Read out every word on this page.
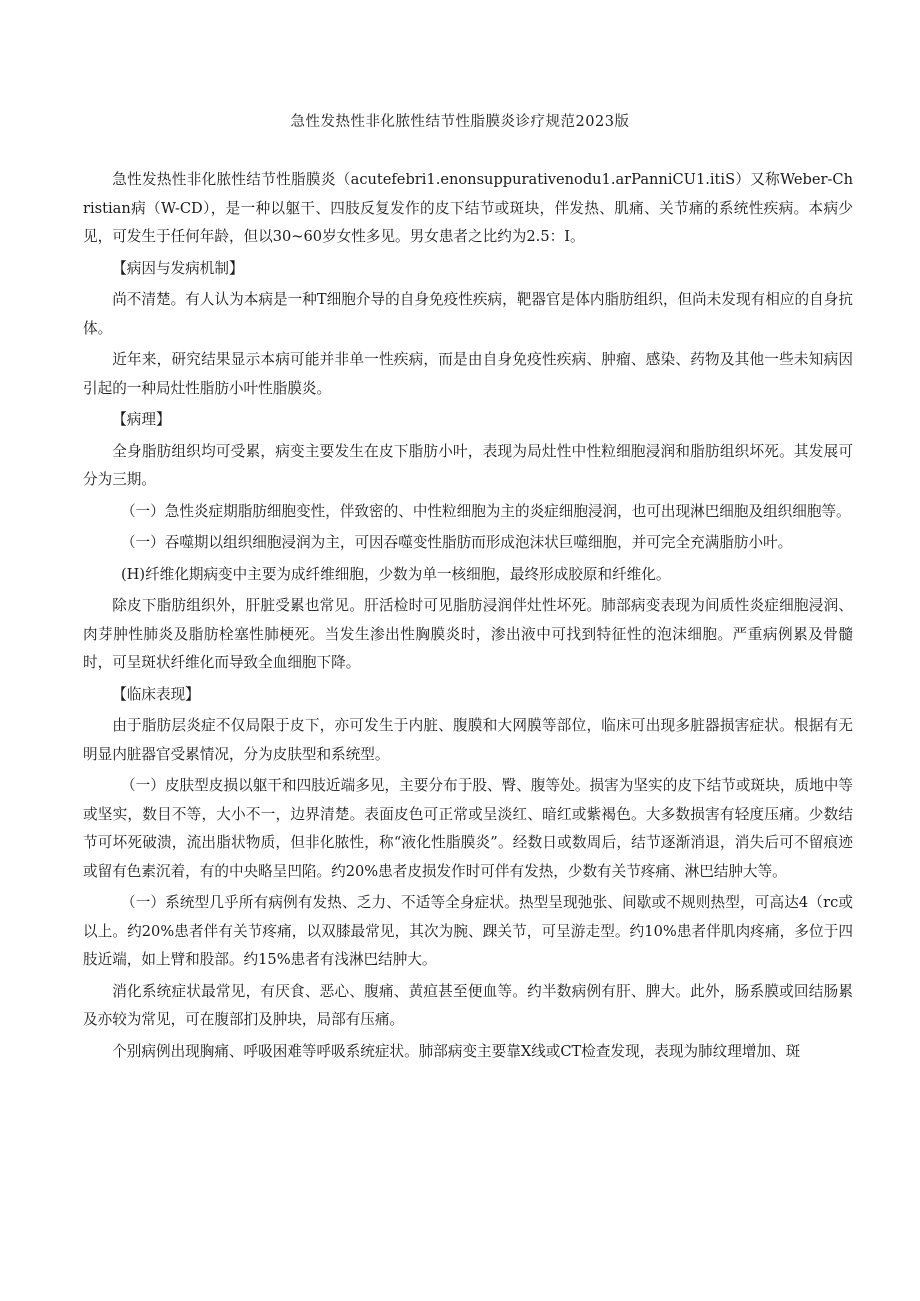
急性发热性非化脓性结节性脂膜炎诊疗规范2023版

急性发热性非化脓性结节性脂膜炎（acutefebri1.enonsuppurativenodu1.arPanniCU1.itiS）又称Weber-Christian病（W-CD），是一种以躯干、四肢反复发作的皮下结节或斑块，伴发热、肌痛、关节痛的系统性疾病。本病少见，可发生于任何年龄，但以30~60岁女性多见。男女患者之比约为2.5：I。

【病因与发病机制】

尚不清楚。有人认为本病是一种T细胞介导的自身免疫性疾病，靶器官是体内脂肪组织，但尚未发现有相应的自身抗体。

近年来，研究结果显示本病可能并非单一性疾病，而是由自身免疫性疾病、肿瘤、感染、药物及其他一些未知病因引起的一种局灶性脂肪小叶性脂膜炎。

【病理】

全身脂肪组织均可受累，病变主要发生在皮下脂肪小叶，表现为局灶性中性粒细胞浸润和脂肪组织坏死。其发展可分为三期。

（一）急性炎症期脂肪细胞变性，伴致密的、中性粒细胞为主的炎症细胞浸润，也可出现淋巴细胞及组织细胞等。

（一）吞噬期以组织细胞浸润为主，可因吞噬变性脂肪而形成泡沫状巨噬细胞，并可完全充满脂肪小叶。

(H)纤维化期病变中主要为成纤维细胞，少数为单一核细胞，最终形成胶原和纤维化。

除皮下脂肪组织外，肝脏受累也常见。肝活检时可见脂肪浸润伴灶性坏死。肺部病变表现为间质性炎症细胞浸润、肉芽肿性肺炎及脂肪栓塞性肺梗死。当发生渗出性胸膜炎时，渗出液中可找到特征性的泡沫细胞。严重病例累及骨髓时，可呈斑状纤维化而导致全血细胞下降。

【临床表现】

由于脂肪层炎症不仅局限于皮下，亦可发生于内脏、腹膜和大网膜等部位，临床可出现多脏器损害症状。根据有无明显内脏器官受累情况，分为皮肤型和系统型。

（一）皮肤型皮损以躯干和四肢近端多见，主要分布于股、臀、腹等处。损害为坚实的皮下结节或斑块，质地中等或坚实，数目不等，大小不一，边界清楚。表面皮色可正常或呈淡红、暗红或紫褐色。大多数损害有轻度压痛。少数结节可坏死破溃，流出脂状物质，但非化脓性，称“液化性脂膜炎”。经数日或数周后，结节逐渐消退，消失后可不留痕迹或留有色素沉着，有的中央略呈凹陷。约20%患者皮损发作时可伴有发热，少数有关节疼痛、淋巴结肿大等。

（一）系统型几乎所有病例有发热、乏力、不适等全身症状。热型呈现弛张、间歇或不规则热型，可高达4（rc或以上。约20%患者伴有关节疼痛，以双膝最常见，其次为腕、踝关节，可呈游走型。约10%患者伴肌肉疼痛，多位于四肢近端，如上臂和股部。约15%患者有浅淋巴结肿大。

消化系统症状最常见，有厌食、恶心、腹痛、黄疸甚至便血等。约半数病例有肝、脾大。此外，肠系膜或回结肠累及亦较为常见，可在腹部扪及肿块，局部有压痛。

个别病例出现胸痛、呼吸困难等呼吸系统症状。肺部病变主要靠X线或CT检查发现，表现为肺纹理增加、斑
